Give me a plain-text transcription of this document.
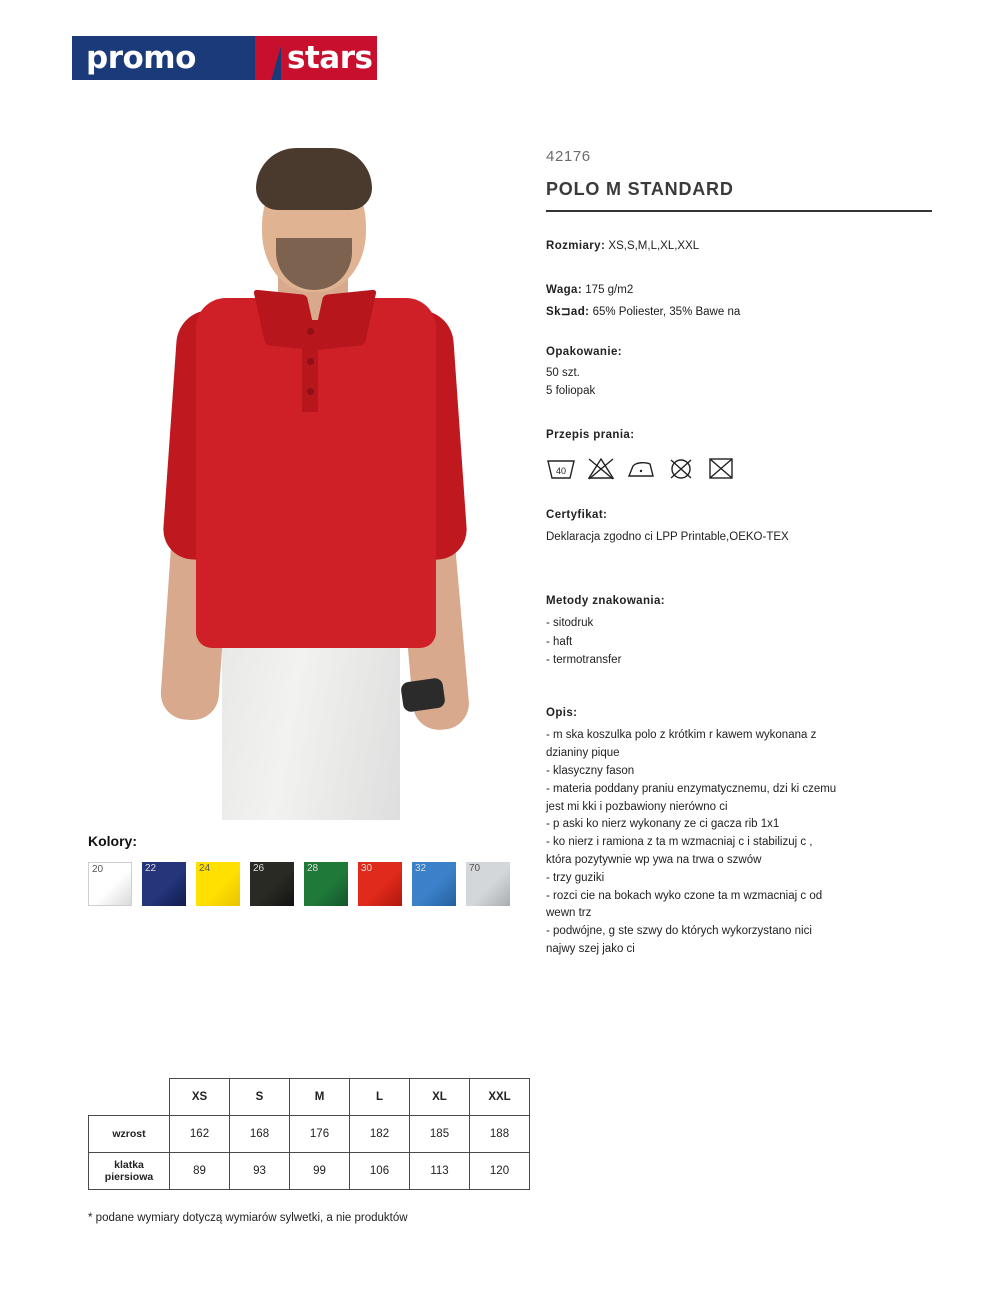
promo	stars
42176
POLO M STANDARD
Rozmiary: XS,S,M,L,XL,XXL
Waga: 175 g/m2
Sk⊐ad: 65% Poliester, 35% Bawe na
Opakowanie:
50 szt.
5 foliopak
Przepis prania:
40
Certyfikat:
Deklaracja zgodno ci LPP Printable,OEKO-TEX
Metody znakowania:
- sitodruk
- haft
- termotransfer
Opis:
- m ska koszulka polo z krótkim r kawem wykonana z
dzianiny pique
- klasyczny fason
- materia poddany praniu enzymatycznemu, dzi ki czemu
jest mi kki i pozbawiony nierówno ci
- p aski ko nierz wykonany ze ci gacza rib 1x1
- ko nierz i ramiona z ta m wzmacniaj c i stabilizuj c ,
która pozytywnie wp ywa na trwa o szwów
- trzy guziki
- rozci cie na bokach wyko czone ta m wzmacniaj c od
wewn trz
- podwójne, g ste szwy do których wykorzystano nici
najwy szej jako ci
Kolory:
20	22	24	26	28	30	32	70
	XS	S	M	L	XL	XXL
wzrost	162	168	176	182	185	188
klatka piersiowa	89	93	99	106	113	120
* podane wymiary dotyczą wymiarów sylwetki, a nie produktów
